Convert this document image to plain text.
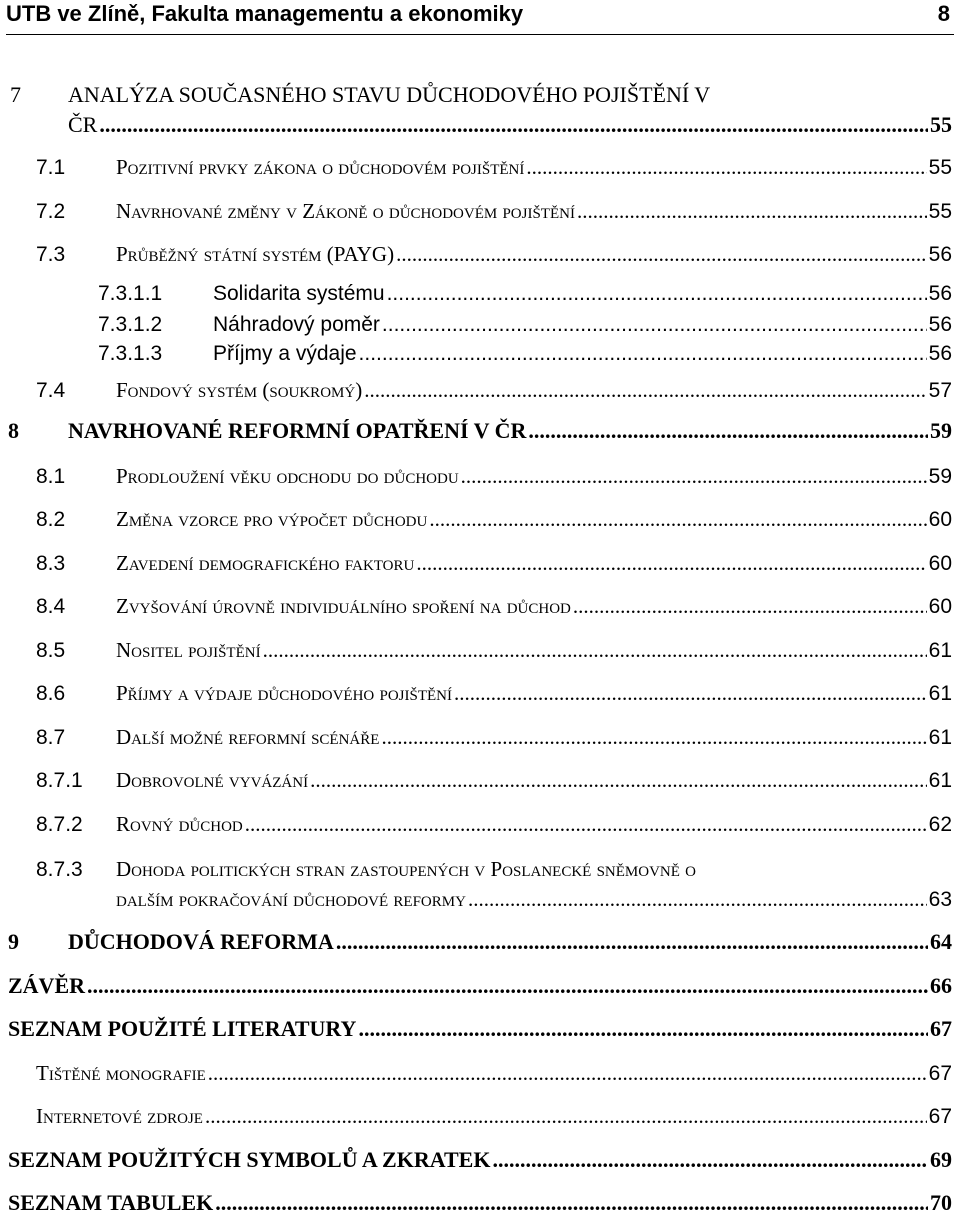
UTB ve Zlíně, Fakulta managementu a ekonomiky	8
7 ANALÝZA SOUČASNÉHO STAVU DŮCHODOVÉHO POJIŠTĚNÍ V
ČR .....	55
7.1	Pozitivní prvky zákona o důchodovém pojištění .....	55
7.2	Navrhované změny v Zákoně o důchodovém pojištění .....	55
7.3	Průběžný státní systém (PAYG) .....	56
7.3.1.1	Solidarita systému .....	56
7.3.1.2	Náhradový poměr .....	56
7.3.1.3	Příjmy a výdaje .....	56
7.4	Fondový systém (soukromý) .....	57
8	NAVRHOVANÉ REFORMNÍ OPATŘENÍ V ČR .....	59
8.1	Prodloužení věku odchodu do důchodu .....	59
8.2	Změna vzorce pro výpočet důchodu .....	60
8.3	Zavedení demografického faktoru .....	60
8.4	Zvyšování úrovně individuálního spoření na důchod .....	60
8.5	Nositel pojištění .....	61
8.6	Příjmy a výdaje důchodového pojištění .....	61
8.7	Další možné reformní scénáře .....	61
8.7.1	Dobrovolné vyvázání .....	61
8.7.2	Rovný důchod .....	62
8.7.3 Dohoda politických stran zastoupených v Poslanecké sněmovně o
dalším pokračování důchodové reformy .....	63
9	DŮCHODOVÁ REFORMA .....	64
ZÁVĚR .....	66
SEZNAM POUŽITÉ LITERATURY .....	67
Tištěné monografie .....	67
Internetové zdroje .....	67
SEZNAM POUŽITÝCH SYMBOLŮ A ZKRATEK .....	69
SEZNAM TABULEK .....	70
